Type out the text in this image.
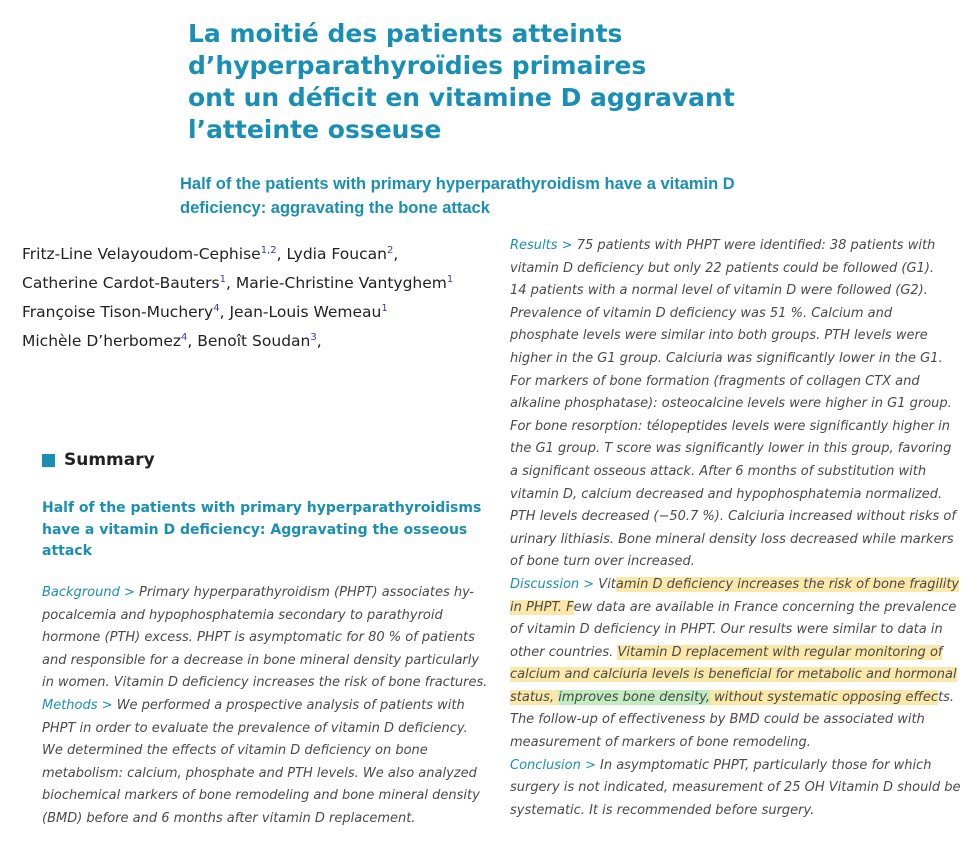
La moitié des patients atteints
d’hyperparathyroïdies primaires
ont un déficit en vitamine D aggravant
l’atteinte osseuse
Half of the patients with primary hyperparathyroidism have a vitamin D
deficiency: aggravating the bone attack
Fritz-Line Velayoudom-Cephise$^{1,2}$, Lydia Foucan$^2$,
Catherine Cardot-Bauters$^1$, Marie-Christine Vantyghem$^1$
Françoise Tison-Muchery$^4$, Jean-Louis Wemeau$^1$
Michèle D’herbomez$^4$, Benoît Soudan$^3$,
Summary
Half of the patients with primary hyperparathyroidisms
have a vitamin D deficiency: Aggravating the osseous
attack
Background > Primary hyperparathyroidism (PHPT) associates hy-
pocalcemia and hypophosphatemia secondary to parathyroid
hormone (PTH) excess. PHPT is asymptomatic for 80 % of patients
and responsible for a decrease in bone mineral density particularly
in women. Vitamin D deficiency increases the risk of bone fractures.
Methods > We performed a prospective analysis of patients with
PHPT in order to evaluate the prevalence of vitamin D deficiency.
We determined the effects of vitamin D deficiency on bone
metabolism: calcium, phosphate and PTH levels. We also analyzed
biochemical markers of bone remodeling and bone mineral density
(BMD) before and 6 months after vitamin D replacement.
Results > 75 patients with PHPT were identified: 38 patients with
vitamin D deficiency but only 22 patients could be followed (G1).
14 patients with a normal level of vitamin D were followed (G2).
Prevalence of vitamin D deficiency was 51 %. Calcium and
phosphate levels were similar into both groups. PTH levels were
higher in the G1 group. Calciuria was significantly lower in the G1.
For markers of bone formation (fragments of collagen CTX and
alkaline phosphatase): osteocalcine levels were higher in G1 group.
For bone resorption: télopeptides levels were significantly higher in
the G1 group. T score was significantly lower in this group, favoring
a significant osseous attack. After 6 months of substitution with
vitamin D, calcium decreased and hypophosphatemia normalized.
PTH levels decreased (−50.7 %). Calciuria increased without risks of
urinary lithiasis. Bone mineral density loss decreased while markers
of bone turn over increased.
Discussion > Vitamin D deficiency increases the risk of bone fragility
in PHPT. Few data are available in France concerning the prevalence
of vitamin D deficiency in PHPT. Our results were similar to data in
other countries. Vitamin D replacement with regular monitoring of
calcium and calciuria levels is beneficial for metabolic and hormonal
status, improves bone density, without systematic opposing effects.
The follow-up of effectiveness by BMD could be associated with
measurement of markers of bone remodeling.
Conclusion > In asymptomatic PHPT, particularly those for which
surgery is not indicated, measurement of 25 OH Vitamin D should be
systematic. It is recommended before surgery.
